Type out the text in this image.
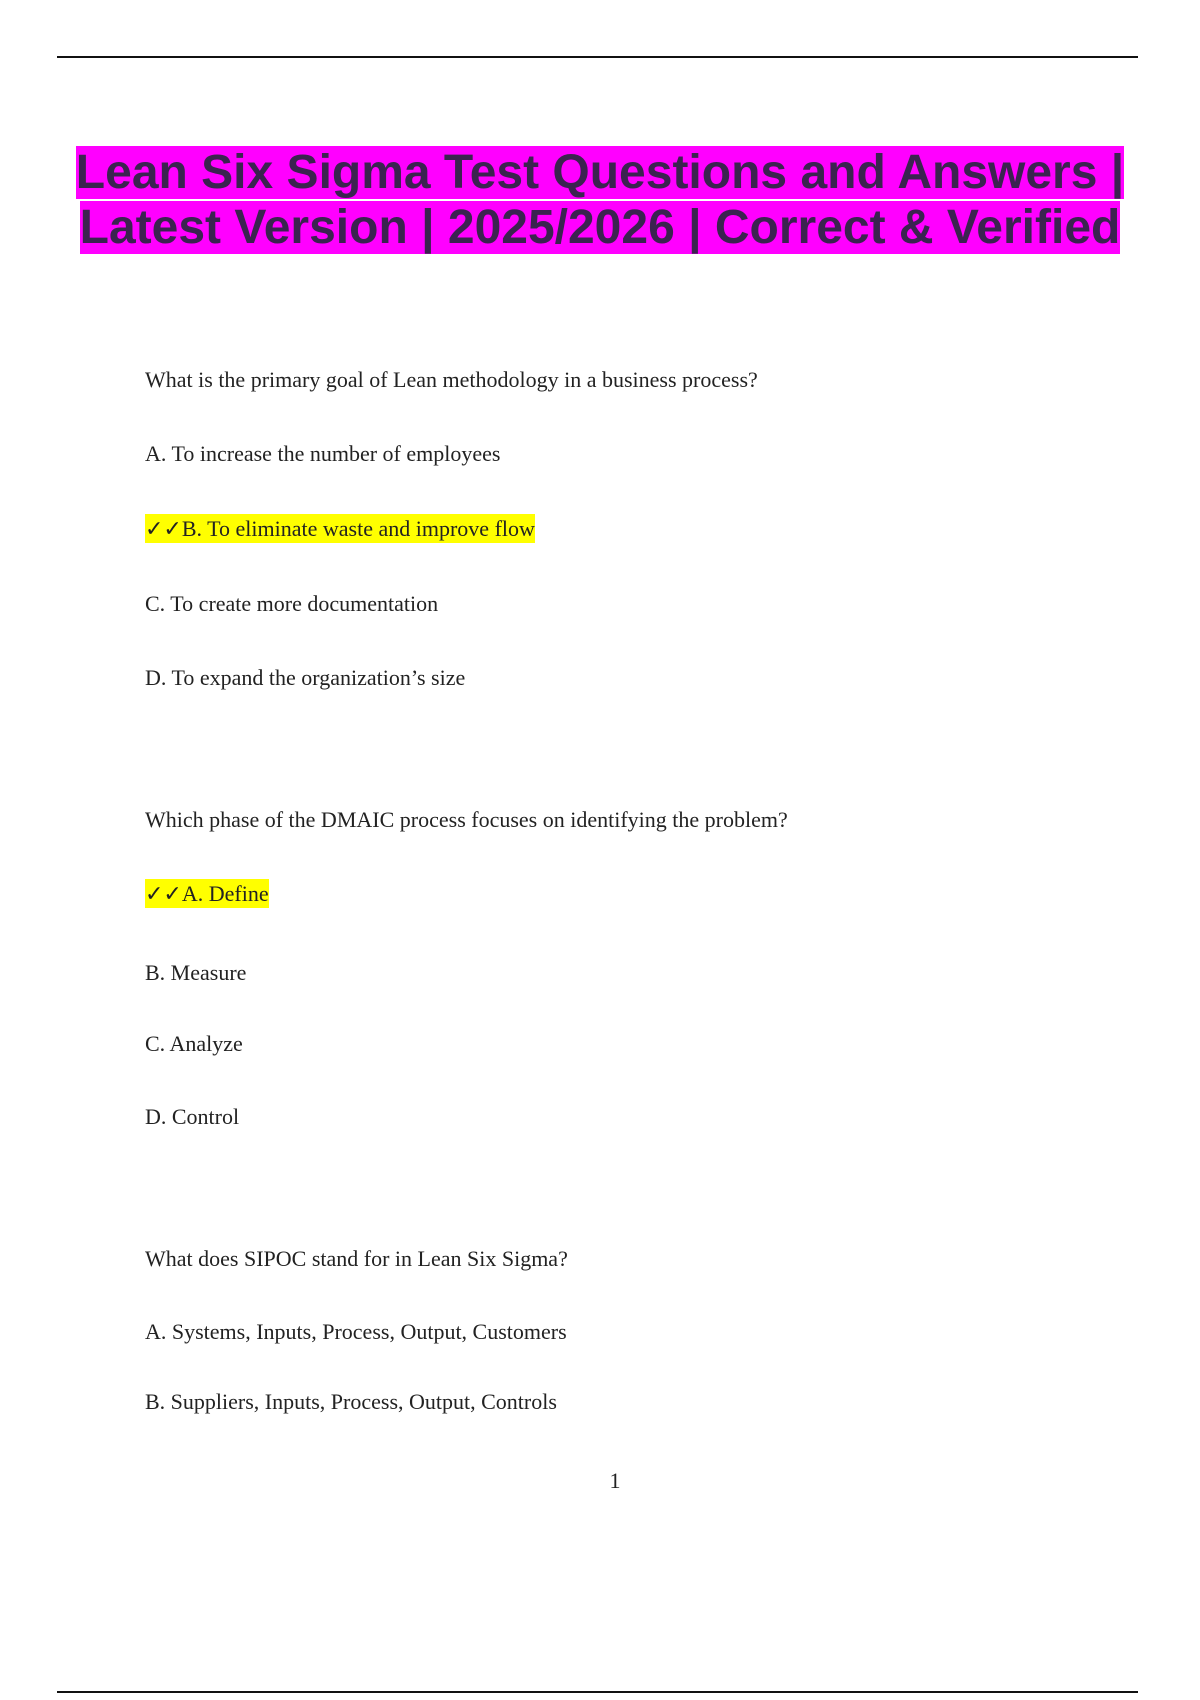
Lean Six Sigma Test Questions and Answers | Latest Version | 2025/2026 | Correct & Verified
What is the primary goal of Lean methodology in a business process?
A. To increase the number of employees
✓✓B. To eliminate waste and improve flow
C. To create more documentation
D. To expand the organization’s size
Which phase of the DMAIC process focuses on identifying the problem?
✓✓A. Define
B. Measure
C. Analyze
D. Control
What does SIPOC stand for in Lean Six Sigma?
A. Systems, Inputs, Process, Output, Customers
B. Suppliers, Inputs, Process, Output, Controls
1
